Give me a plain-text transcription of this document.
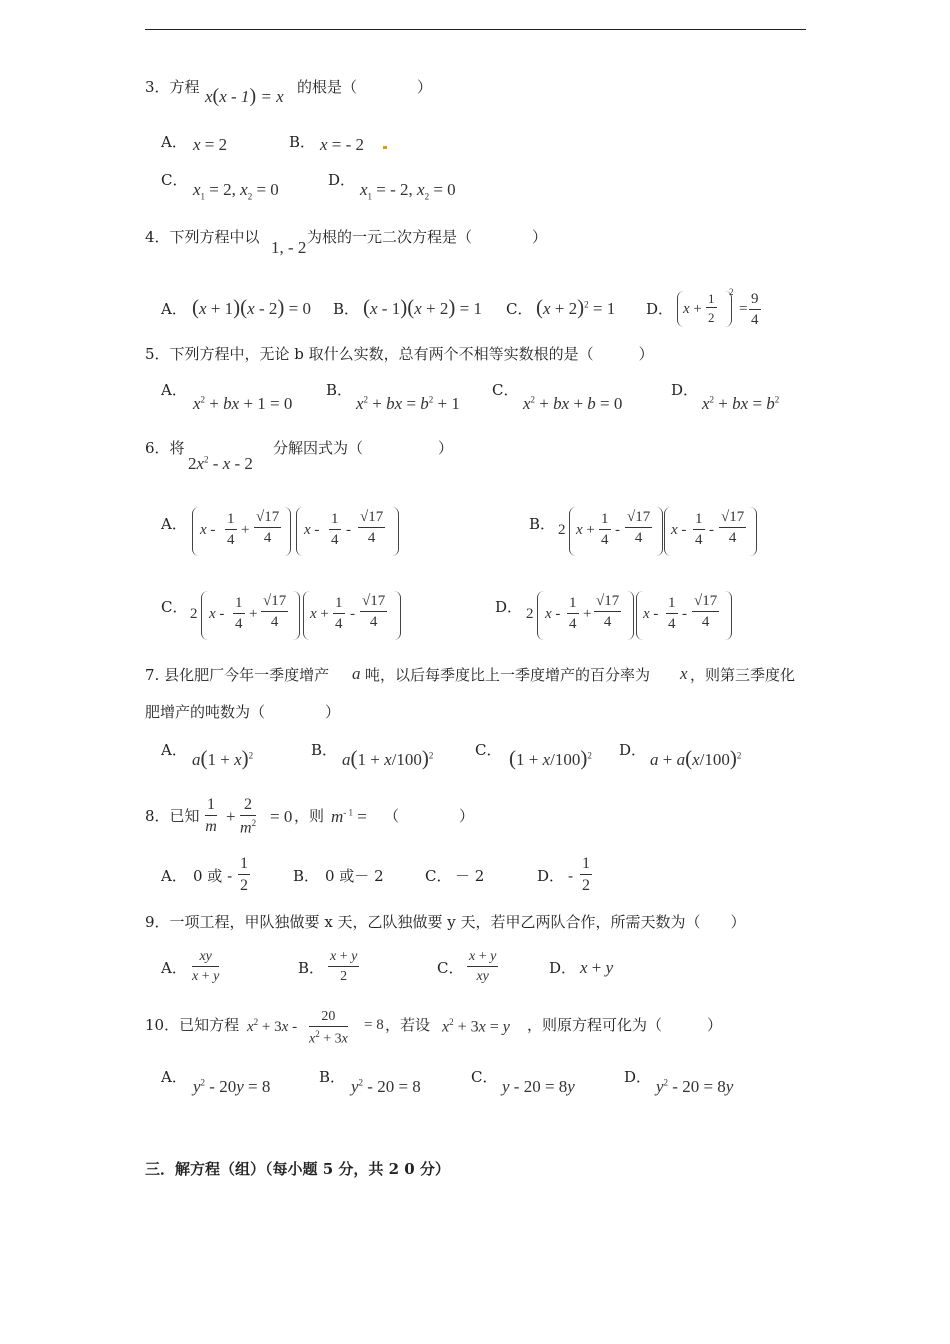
3．方程 x(x - 1) = x 的根是（　　　　）
A． x = 2	B． x = - 2
C． $x_1 = 2$, $x_2 = 0$	D． $x_1$ = - 2, $x_2 = 0$
4．下列方程中以
1, - 2
为根的一元二次方程是（　　　　）
A． (x + 1)(x - 2) = 0 B． (x - 1)(x + 2) = 1 C． $(x + 2)^2 = 1$ D． $x + \frac{1}{2} 2$
= $\frac{9}{4}$
5．下列方程中，无论 b 取什么实数，总有两个不相等实数根的是（　　　）
A．
$x^2$ + bx + 1 = 0
B．
$x^2$ + bx = $b^2 + 1$
C．
$x^2$ + bx + b = 0
D．
$x^2$ + bx = $b^2$
6．将
$2x^2$ - x - 2
分解因式为（　　　　　）
A． $x - \frac{1}{4} + \frac{√17}{4}$ x - $\frac{1}{4} - \frac{√17}{4}$	B． 2 $x + \frac{1}{4} - \frac{√17}{4}$ x - $\frac{1}{4} - \frac{√17}{4}$
C． 2 $x - \frac{1}{4} + \frac{√17}{4}$ $x + \frac{1}{4} - \frac{√17}{4}$	D． 2 $x - \frac{1}{4} + \frac{√17}{4}$ x - $\frac{1}{4} - \frac{√17}{4}$
7. 县化肥厂今年一季度增产 a 吨，以后每季度比上一季度增产的百分率为 x ，则第三季度化
肥增产的吨数为（　　　　）
A． $a(1 + x)^2$	B． $a(1 + x/100)^2$	C． $(1 + x/100)^2$ D． $a + a(x/100)^2$
8．已知 $\frac{1}{m} + \frac{2}{m^2} = 0$ ，则 $m^{- 1}$ = （　　　　）
A． 0 或 - $\frac{1}{2}$	B． 0 或－ 2	C． － 2	D． - $\frac{1}{2}$
9．一项工程，甲队独做要 x 天，乙队独做要 y 天，若甲乙两队合作，所需天数为（　　）
A． $\frac{xy}{x + y}$	B． $\frac{x + y}{2}$	C． $\frac{x + y}{xy}$	D． x + y
10．已知方程 $x^2 + 3x - \frac{20}{x^2 + 3x} = 8$ ，若设 $x^2 + 3x = y$ ，则原方程可化为（　　　）
A． $y^2 - 20y = 8$	B． $y^2 - 20 = 8$	C． y - 20 = 8y	D． $y^2 - 20 = 8y$
三．解方程（组）（每小题 5 分，共 2 0 分）
